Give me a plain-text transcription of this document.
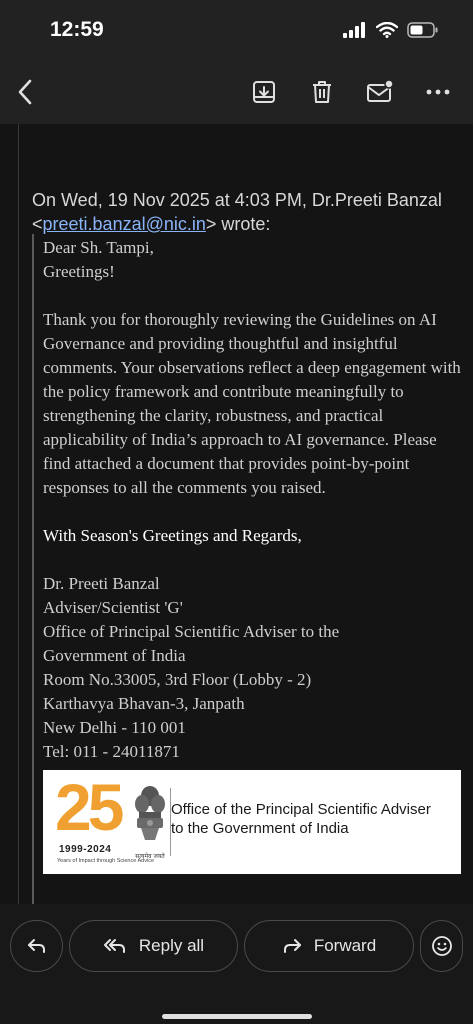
12:59
On Wed, 19 Nov 2025 at 4:03 PM, Dr.Preeti Banzal <preeti.banzal@nic.in> wrote:

Dear Sh. Tampi,

Greetings!

Thank you for thoroughly reviewing the Guidelines on AI Governance and providing thoughtful and insightful comments. Your observations reflect a deep engagement with the policy framework and contribute meaningfully to strengthening the clarity, robustness, and practical applicability of India’s approach to AI governance. Please find attached a document that provides point-by-point responses to all the comments you raised.

With Season's Greetings and Regards,

Dr. Preeti Banzal

Adviser/Scientist 'G'

Office of Principal Scientific Adviser to the

Government of India

Room No.33005, 3rd Floor (Lobby - 2)

Karthavya Bhavan-3, Janpath

New Delhi - 110 001

Tel: 011 - 24011871

25
1999-2024
Years of Impact through Science Advice
सत्यमेव जयते
Office of the Principal Scientific Adviser
to the Government of India
Reply all	Forward
